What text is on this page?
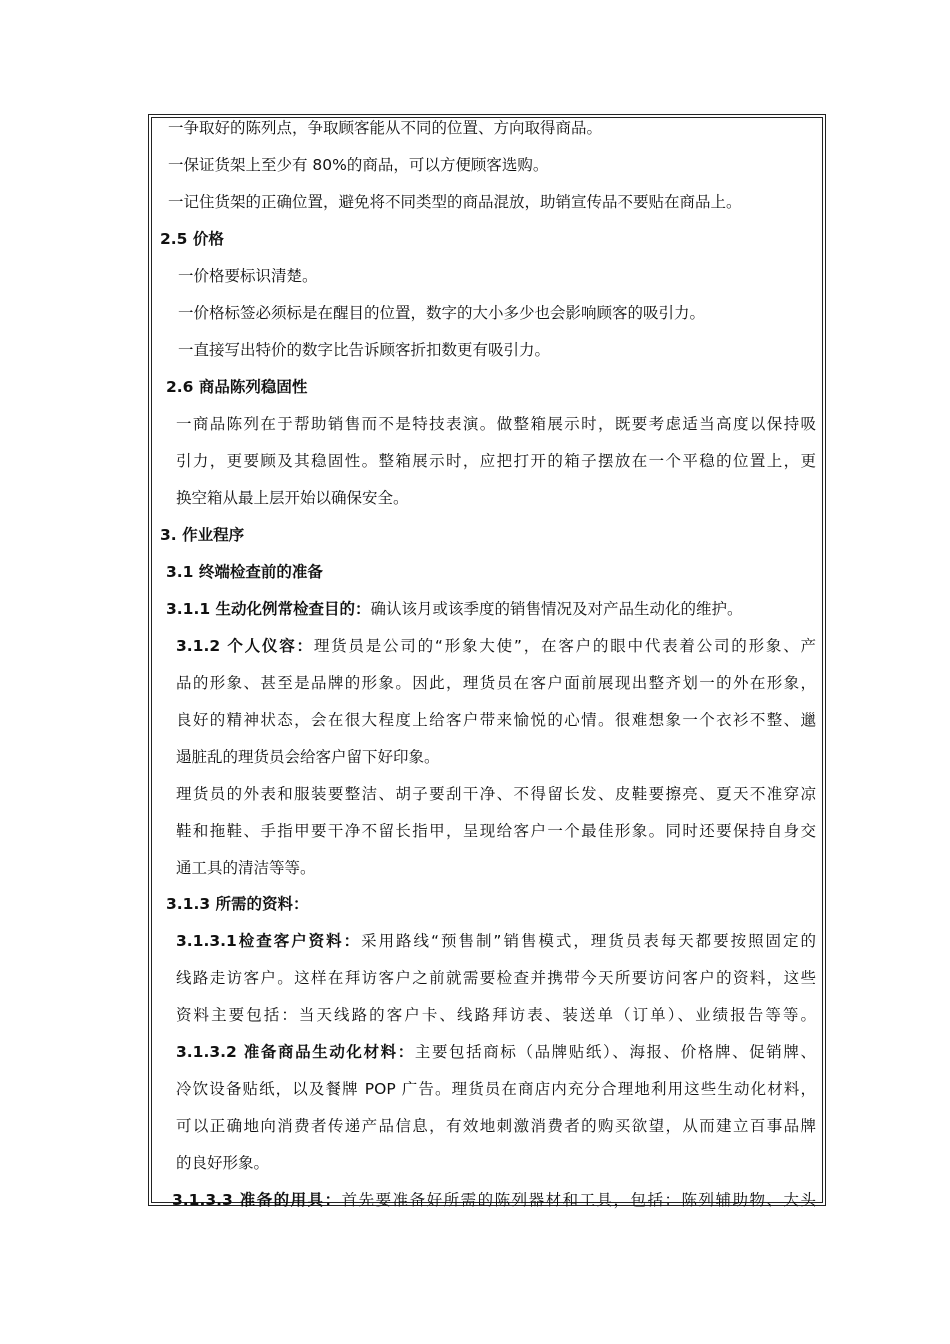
一争取好的陈列点，争取顾客能从不同的位置、方向取得商品。
一保证货架上至少有 80%的商品，可以方便顾客选购。
一记住货架的正确位置，避免将不同类型的商品混放，助销宣传品不要贴在商品上。
2.5 价格
一价格要标识清楚。
一价格标签必须标是在醒目的位置，数字的大小多少也会影响顾客的吸引力。
一直接写出特价的数字比告诉顾客折扣数更有吸引力。
2.6 商品陈列稳固性
一商品陈列在于帮助销售而不是特技表演。做整箱展示时，既要考虑适当高度以保持吸
引力，更要顾及其稳固性。整箱展示时，应把打开的箱子摆放在一个平稳的位置上，更
换空箱从最上层开始以确保安全。
3. 作业程序
3.1 终端检查前的准备
3.1.1 生动化例常检查目的：确认该月或该季度的销售情况及对产品生动化的维护。
3.1.2 个人仪容：理货员是公司的“形象大使”，在客户的眼中代表着公司的形象、产
品的形象、甚至是品牌的形象。因此，理货员在客户面前展现出整齐划一的外在形象，
良好的精神状态，会在很大程度上给客户带来愉悦的心情。很难想象一个衣衫不整、邋
遢脏乱的理货员会给客户留下好印象。
理货员的外表和服装要整洁、胡子要刮干净、不得留长发、皮鞋要擦亮、夏天不准穿凉
鞋和拖鞋、手指甲要干净不留长指甲，呈现给客户一个最佳形象。同时还要保持自身交
通工具的清洁等等。
3.1.3 所需的资料：
3.1.3.1检查客户资料：采用路线“预售制”销售模式，理货员表每天都要按照固定的
线路走访客户。这样在拜访客户之前就需要检查并携带今天所要访问客户的资料，这些
资料主要包括：当天线路的客户卡、线路拜访表、装送单（订单）、业绩报告等等。
3.1.3.2 准备商品生动化材料：主要包括商标（品牌贴纸）、海报、价格牌、促销牌、
冷饮设备贴纸，以及餐牌 POP 广告。理货员在商店内充分合理地利用这些生动化材料，
可以正确地向消费者传递产品信息，有效地刺激消费者的购买欲望，从而建立百事品牌
的良好形象。
3.1.3.3 准备的用具：首先要准备好所需的陈列器材和工具，包括：陈列辅助物、大头
